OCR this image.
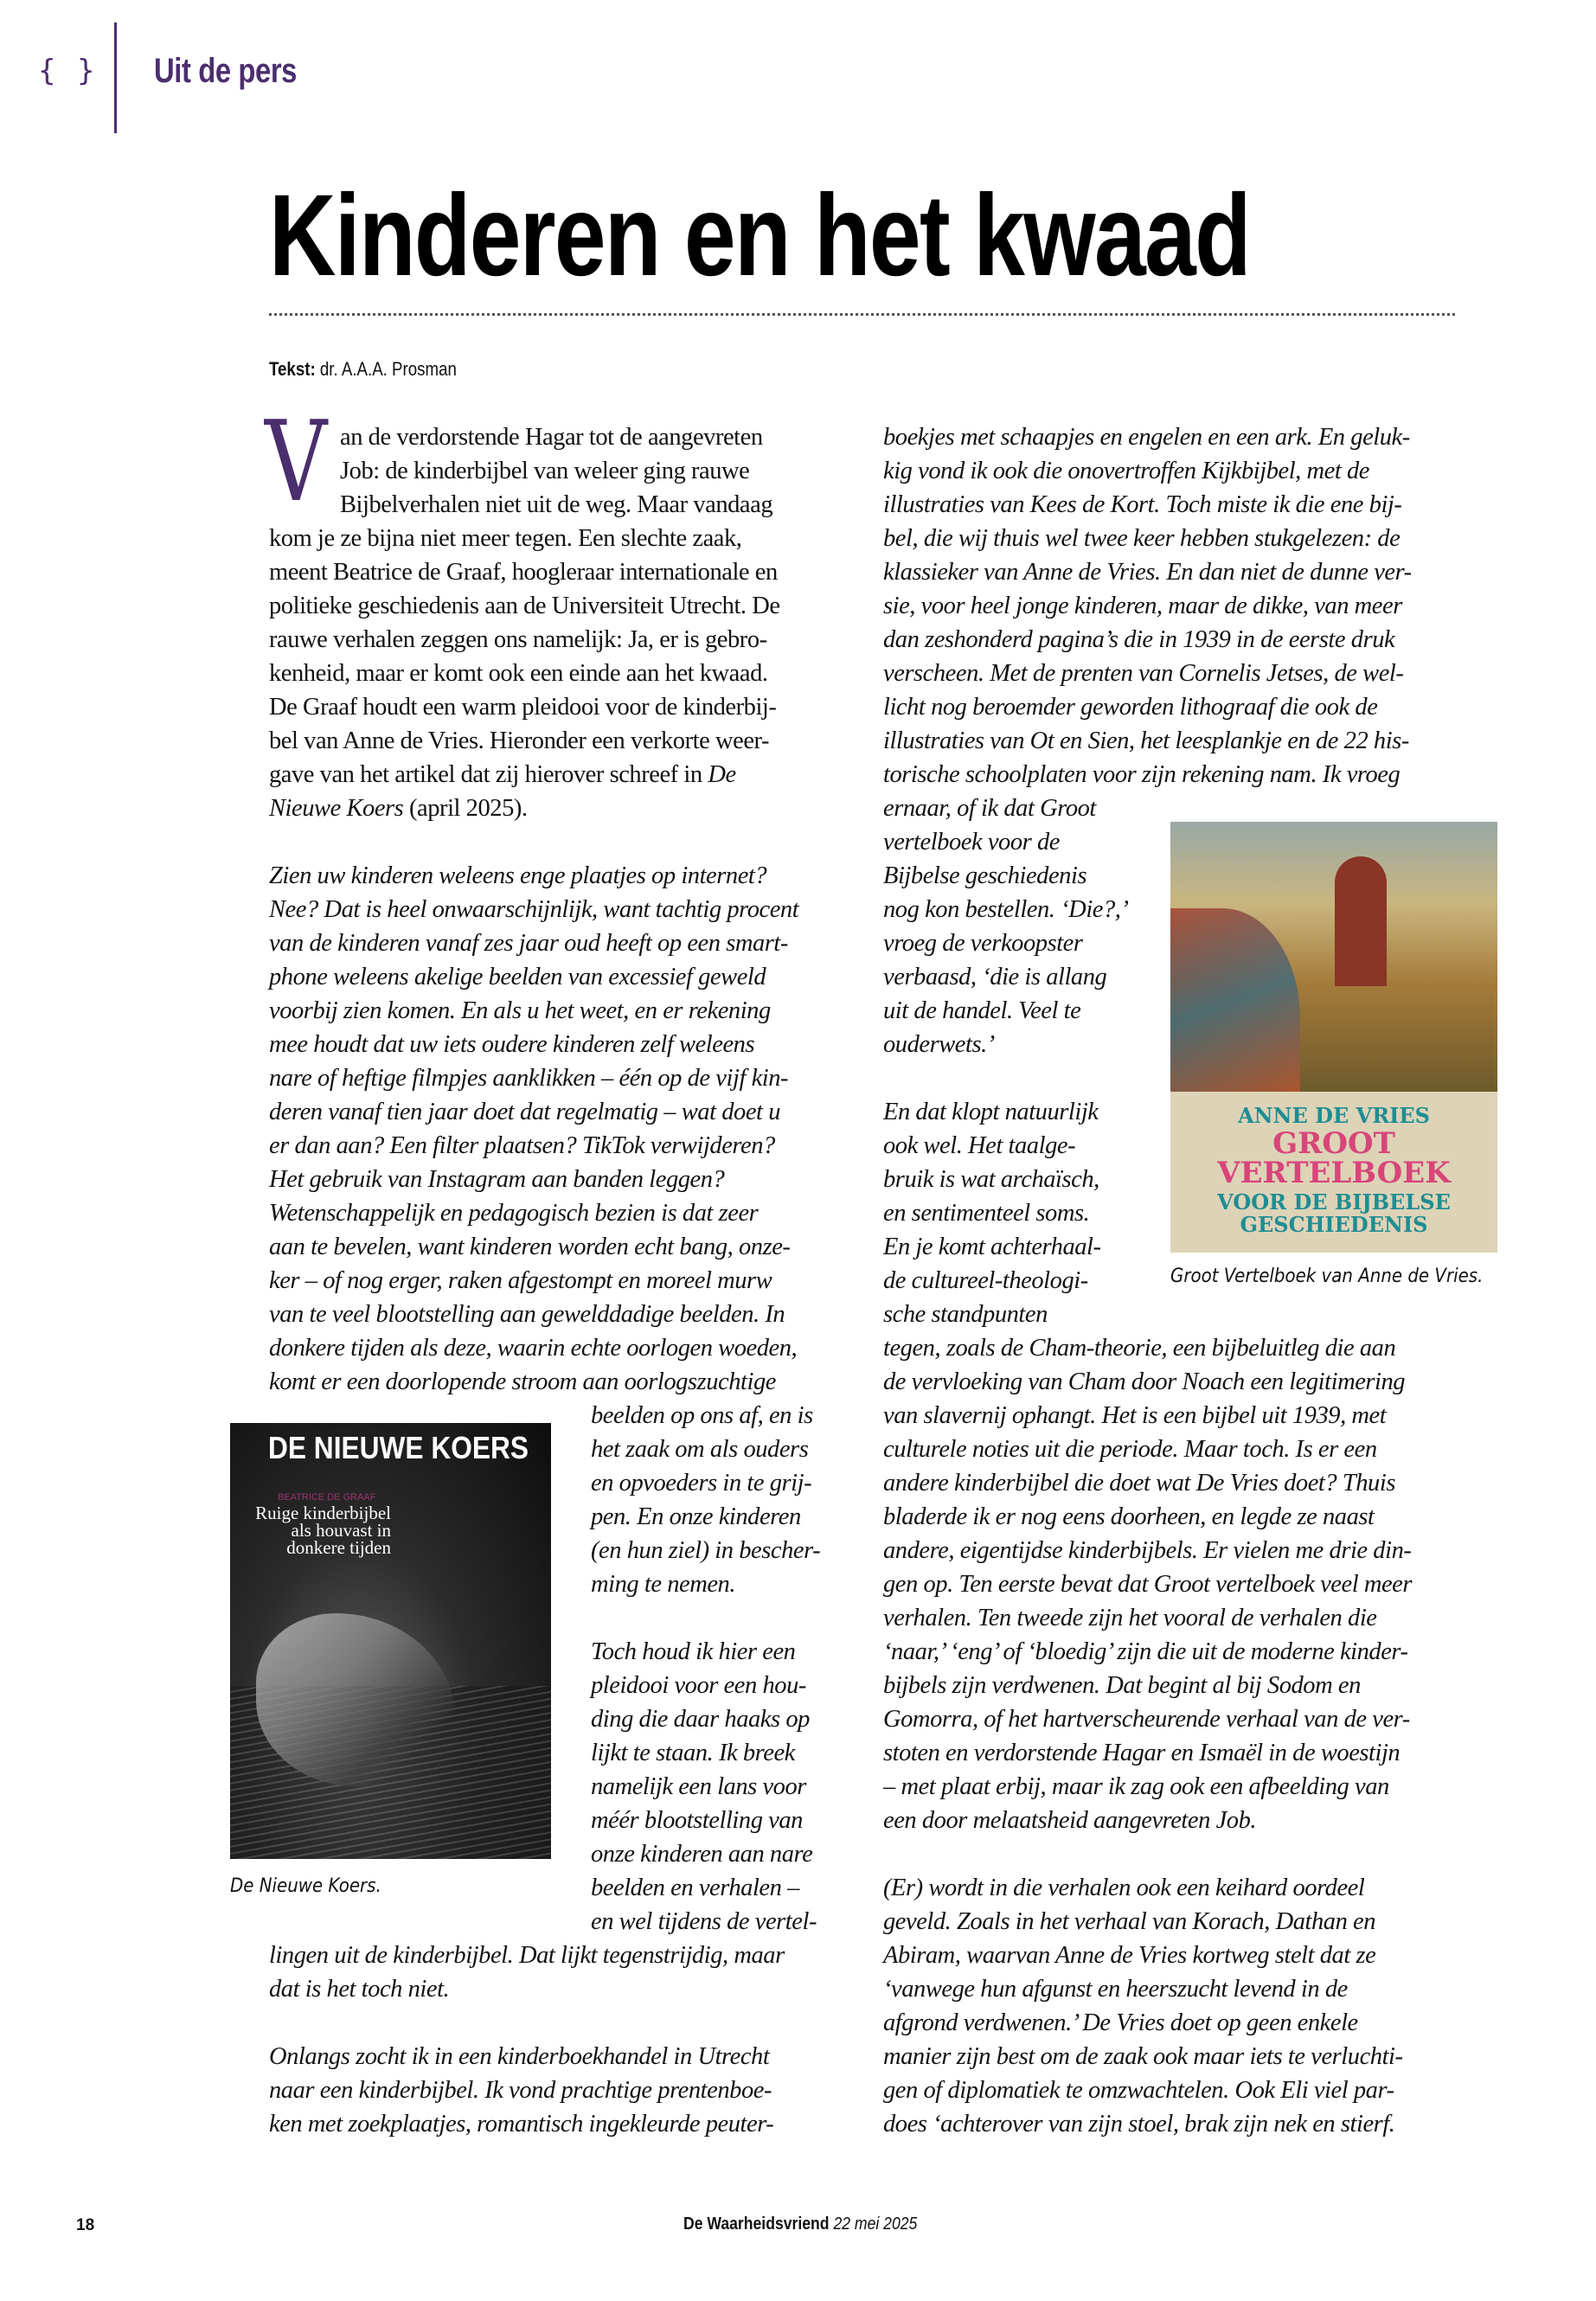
{ } Uit de pers
Kinderen en het kwaad
Tekst: dr. A.A.A. Prosman
V an de verdorstende Hagar tot de aangevreten
Job: de kinderbijbel van weleer ging rauwe
Bijbelverhalen niet uit de weg. Maar vandaag
kom je ze bijna niet meer tegen. Een slechte zaak,
meent Beatrice de Graaf, hoogleraar internationale en
politieke geschiedenis aan de Universiteit Utrecht. De
rauwe verhalen zeggen ons namelijk: Ja, er is gebro-
kenheid, maar er komt ook een einde aan het kwaad.
De Graaf houdt een warm pleidooi voor de kinderbij-
bel van Anne de Vries. Hieronder een verkorte weer-
gave van het artikel dat zij hierover schreef in De
Nieuwe Koers (april 2025).
Zien uw kinderen weleens enge plaatjes op internet?
Nee? Dat is heel onwaarschijnlijk, want tachtig procent
van de kinderen vanaf zes jaar oud heeft op een smart-
phone weleens akelige beelden van excessief geweld
voorbij zien komen. En als u het weet, en er rekening
mee houdt dat uw iets oudere kinderen zelf weleens
nare of heftige filmpjes aanklikken – één op de vijf kin-
deren vanaf tien jaar doet dat regelmatig – wat doet u
er dan aan? Een filter plaatsen? TikTok verwijderen?
Het gebruik van Instagram aan banden leggen?
Wetenschappelijk en pedagogisch bezien is dat zeer
aan te bevelen, want kinderen worden echt bang, onze-
ker – of nog erger, raken afgestompt en moreel murw
van te veel blootstelling aan gewelddadige beelden. In
donkere tijden als deze, waarin echte oorlogen woeden,
komt er een doorlopende stroom aan oorlogszuchtige
beelden op ons af, en is
het zaak om als ouders
en opvoeders in te grij-
pen. En onze kinderen
(en hun ziel) in bescher-
ming te nemen.
Toch houd ik hier een
pleidooi voor een hou-
ding die daar haaks op
lijkt te staan. Ik breek
namelijk een lans voor
méér blootstelling van
onze kinderen aan nare
beelden en verhalen –
en wel tijdens de vertel-
lingen uit de kinderbijbel. Dat lijkt tegenstrijdig, maar
dat is het toch niet.
Onlangs zocht ik in een kinderboekhandel in Utrecht
naar een kinderbijbel. Ik vond prachtige prentenboe-
ken met zoekplaatjes, romantisch ingekleurde peuter-
boekjes met schaapjes en engelen en een ark. En geluk-
kig vond ik ook die onovertroffen Kijkbijbel, met de
illustraties van Kees de Kort. Toch miste ik die ene bij-
bel, die wij thuis wel twee keer hebben stukgelezen: de
klassieker van Anne de Vries. En dan niet de dunne ver-
sie, voor heel jonge kinderen, maar de dikke, van meer
dan zeshonderd pagina’s die in 1939 in de eerste druk
verscheen. Met de prenten van Cornelis Jetses, de wel-
licht nog beroemder geworden lithograaf die ook de
illustraties van Ot en Sien, het leesplankje en de 22 his-
torische schoolplaten voor zijn rekening nam. Ik vroeg
ernaar, of ik dat Groot
vertelboek voor de
Bijbelse geschiedenis
nog kon bestellen. ‘Die?,’
vroeg de verkoopster
verbaasd, ‘die is allang
uit de handel. Veel te
ouderwets.’
En dat klopt natuurlijk
ook wel. Het taalge-
bruik is wat archaïsch,
en sentimenteel soms.
En je komt achterhaal-
de cultureel-theologi-
sche standpunten
tegen, zoals de Cham-theorie, een bijbeluitleg die aan
de vervloeking van Cham door Noach een legitimering
van slavernij ophangt. Het is een bijbel uit 1939, met
culturele noties uit die periode. Maar toch. Is er een
andere kinderbijbel die doet wat De Vries doet? Thuis
bladerde ik er nog eens doorheen, en legde ze naast
andere, eigentijdse kinderbijbels. Er vielen me drie din-
gen op. Ten eerste bevat dat Groot vertelboek veel meer
verhalen. Ten tweede zijn het vooral de verhalen die
‘naar,’ ‘eng’ of ‘bloedig’ zijn die uit de moderne kinder-
bijbels zijn verdwenen. Dat begint al bij Sodom en
Gomorra, of het hartverscheurende verhaal van de ver-
stoten en verdorstende Hagar en Ismaël in de woestijn
– met plaat erbij, maar ik zag ook een afbeelding van
een door melaatsheid aangevreten Job.
(Er) wordt in die verhalen ook een keihard oordeel
geveld. Zoals in het verhaal van Korach, Dathan en
Abiram, waarvan Anne de Vries kortweg stelt dat ze
‘vanwege hun afgunst en heerszucht levend in de
afgrond verdwenen.’ De Vries doet op geen enkele
manier zijn best om de zaak ook maar iets te verluchti-
gen of diplomatiek te omzwachtelen. Ook Eli viel par-
does ‘achterover van zijn stoel, brak zijn nek en stierf.
DE NIEUWE KOERS
BEATRICE DE GRAAF
Ruige kinderbijbel
als houvast in
donkere tijden
De Nieuwe Koers.
ANNE DE VRIES
GROOT
VERTELBOEK
VOOR DE BIJBELSE
GESCHIEDENIS
Groot Vertelboek van Anne de Vries.
18	De Waarheidsvriend 22 mei 2025
